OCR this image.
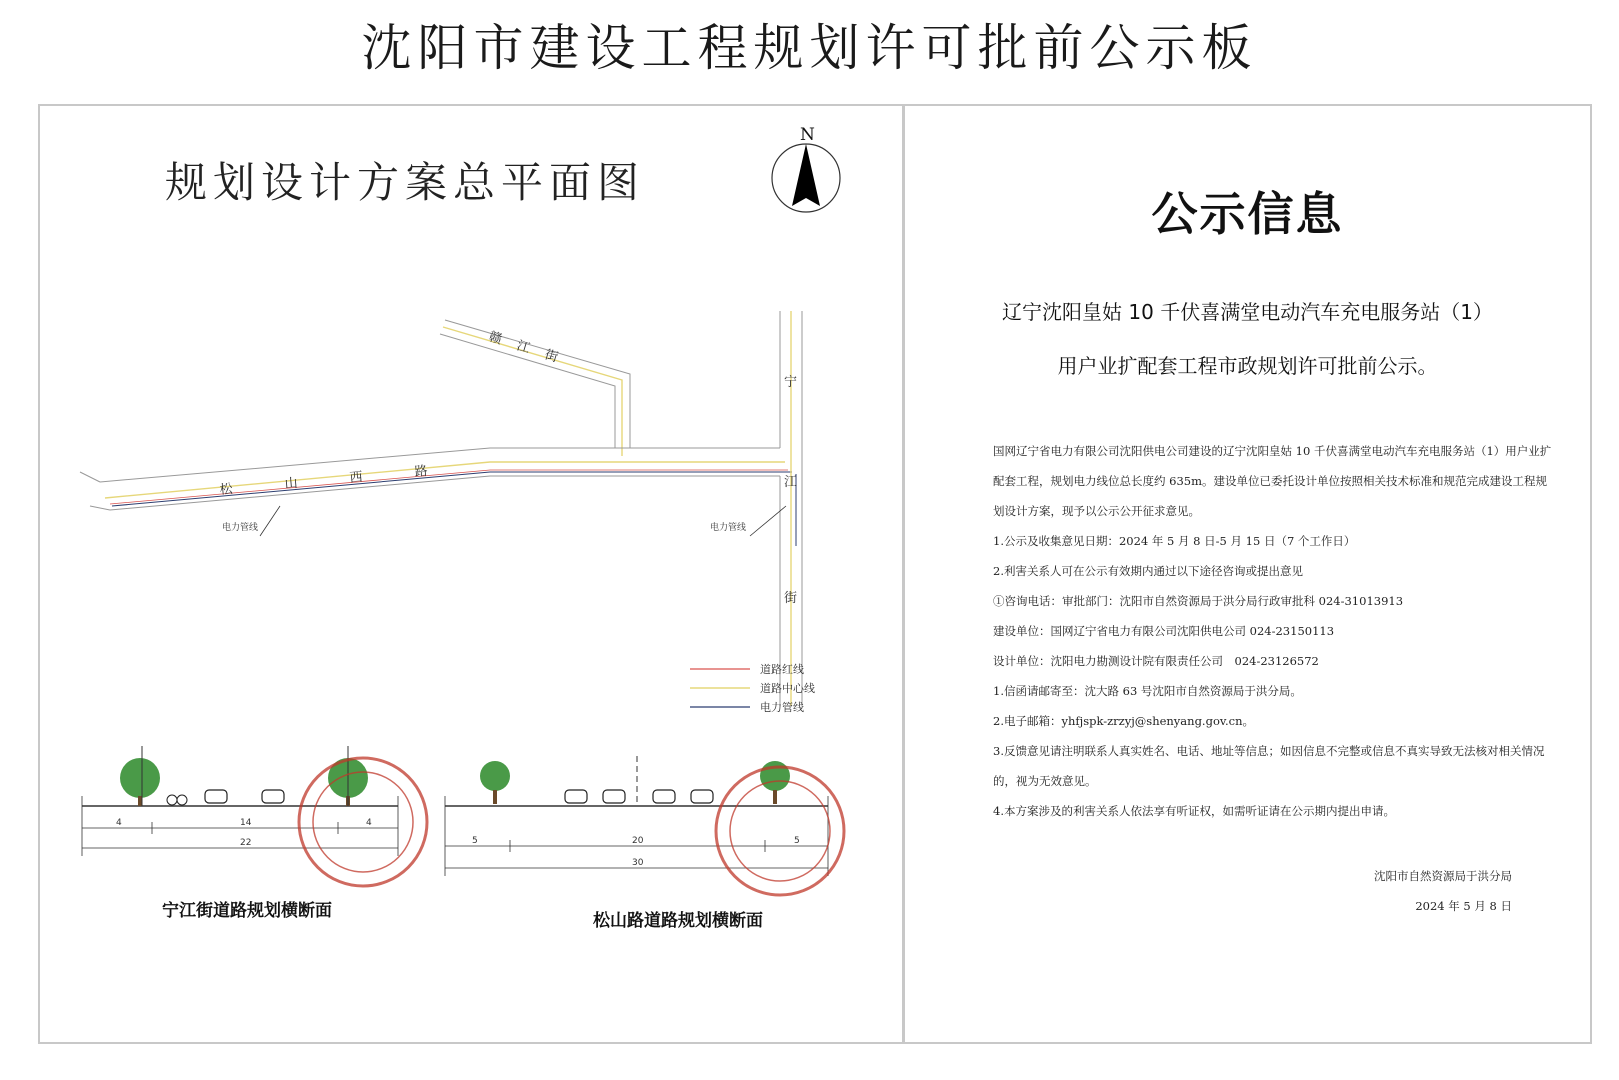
沈阳市建设工程规划许可批前公示板
规划设计方案总平面图
N
赣 江 街
松	山	西	路
宁
江
街
电力管线	电力管线
道路红线
道路中心线
电力管线
4	14	4
22	5	20	5
30
宁江街道路规划横断面	松山路道路规划横断面
公示信息
辽宁沈阳皇姑 10 千伏喜满堂电动汽车充电服务站（1）
用户业扩配套工程市政规划许可批前公示。

国网辽宁省电力有限公司沈阳供电公司建设的辽宁沈阳皇姑 10 千伏喜满堂电动汽车充电服务站（1）用户业扩配套工程，规划电力线位总长度约 635m。建设单位已委托设计单位按照相关技术标准和规范完成建设工程规划设计方案，现予以公示公开征求意见。

1.公示及收集意见日期：2024 年 5 月 8 日-5 月 15 日（7 个工作日）

2.利害关系人可在公示有效期内通过以下途径咨询或提出意见

①咨询电话：审批部门：沈阳市自然资源局于洪分局行政审批科 024-31013913

建设单位：国网辽宁省电力有限公司沈阳供电公司 024-23150113

设计单位：沈阳电力勘测设计院有限责任公司　024-23126572

1.信函请邮寄至：沈大路 63 号沈阳市自然资源局于洪分局。

2.电子邮箱：yhfjspk-zrzyj@shenyang.gov.cn。

3.反馈意见请注明联系人真实姓名、电话、地址等信息；如因信息不完整或信息不真实导致无法核对相关情况的，视为无效意见。

4.本方案涉及的利害关系人依法享有听证权，如需听证请在公示期内提出申请。

沈阳市自然资源局于洪分局
2024 年 5 月 8 日
